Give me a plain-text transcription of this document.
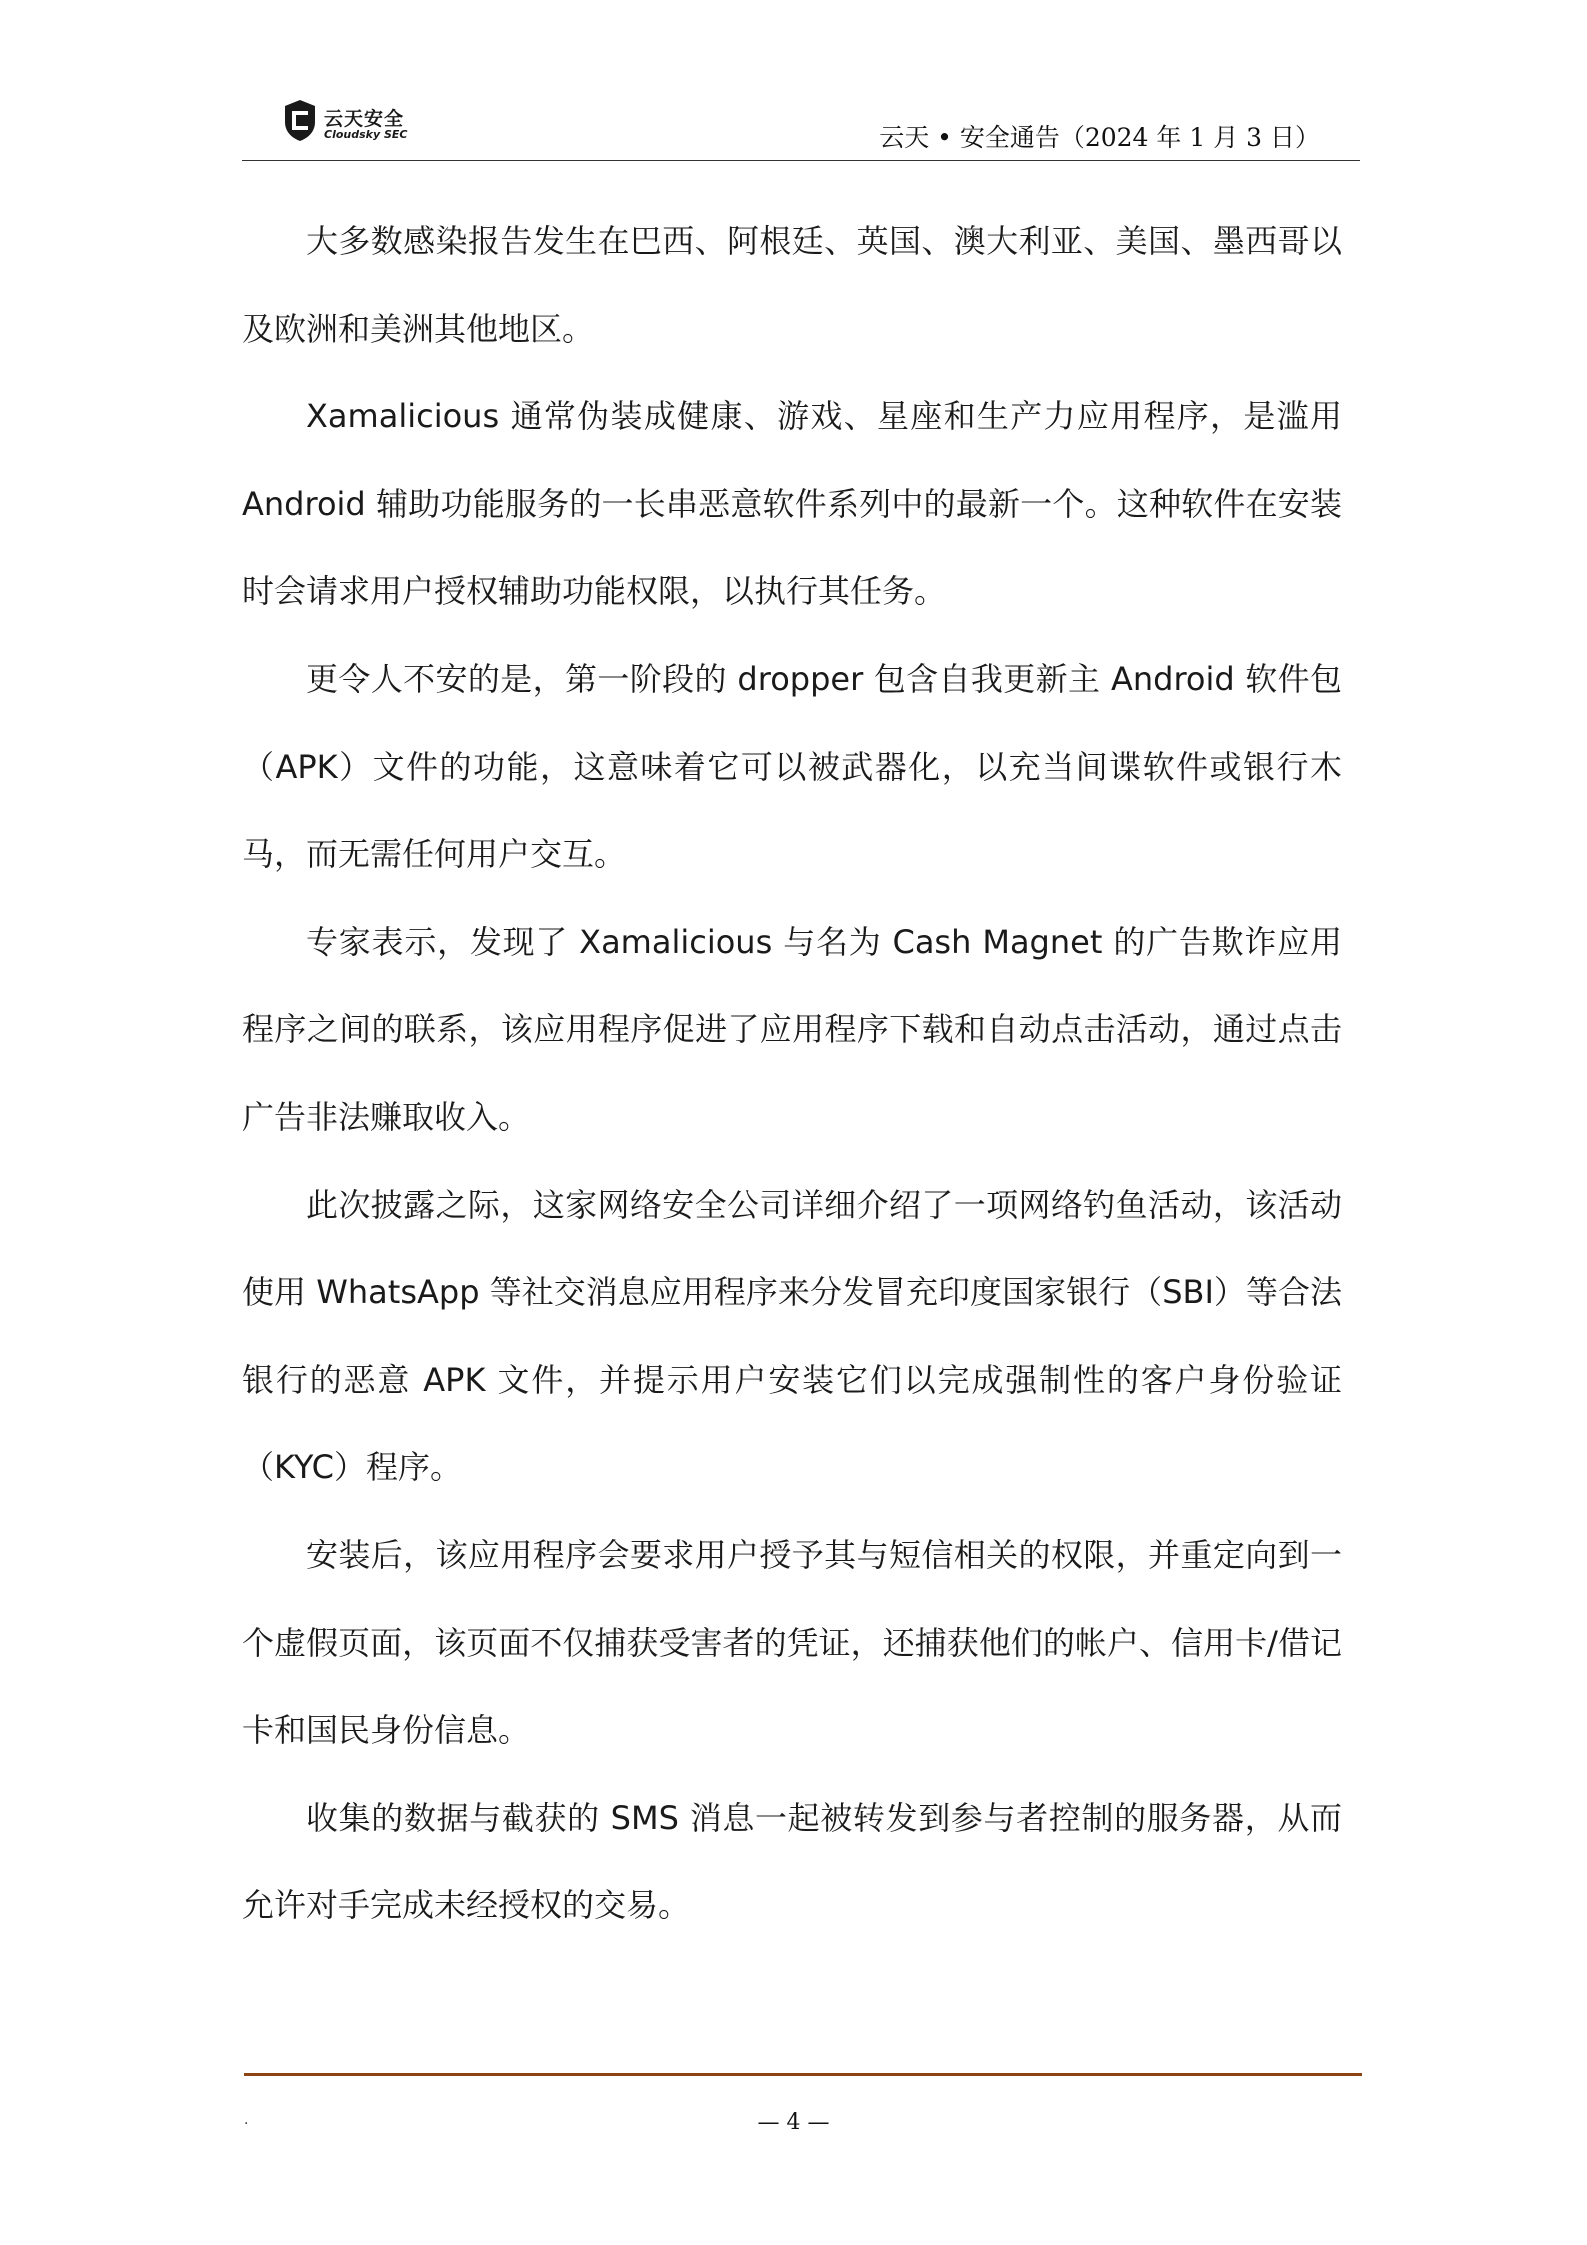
云天安全
Cloudsky SEC	云天 • 安全通告（2024 年 1 月 3 日）

大多数感染报告发生在巴西、阿根廷、英国、澳大利亚、美国、墨西哥以及欧洲和美洲其他地区。

Xamalicious 通常伪装成健康、游戏、星座和生产力应用程序，是滥用 Android 辅助功能服务的一长串恶意软件系列中的最新一个。这种软件在安装时会请求用户授权辅助功能权限，以执行其任务。

更令人不安的是，第一阶段的 dropper 包含自我更新主 Android 软件包（APK）文件的功能，这意味着它可以被武器化，以充当间谍软件或银行木马，而无需任何用户交互。

专家表示，发现了 Xamalicious 与名为 Cash Magnet 的广告欺诈应用程序之间的联系，该应用程序促进了应用程序下载和自动点击活动，通过点击广告非法赚取收入。

此次披露之际，这家网络安全公司详细介绍了一项网络钓鱼活动，该活动使用 WhatsApp 等社交消息应用程序来分发冒充印度国家银行（SBI）等合法银行的恶意 APK 文件，并提示用户安装它们以完成强制性的客户身份验证（KYC）程序。

安装后，该应用程序会要求用户授予其与短信相关的权限，并重定向到一个虚假页面，该页面不仅捕获受害者的凭证，还捕获他们的帐户、信用卡/借记卡和国民身份信息。

收集的数据与截获的 SMS 消息一起被转发到参与者控制的服务器，从而允许对手完成未经授权的交易。

.	— 4 —
